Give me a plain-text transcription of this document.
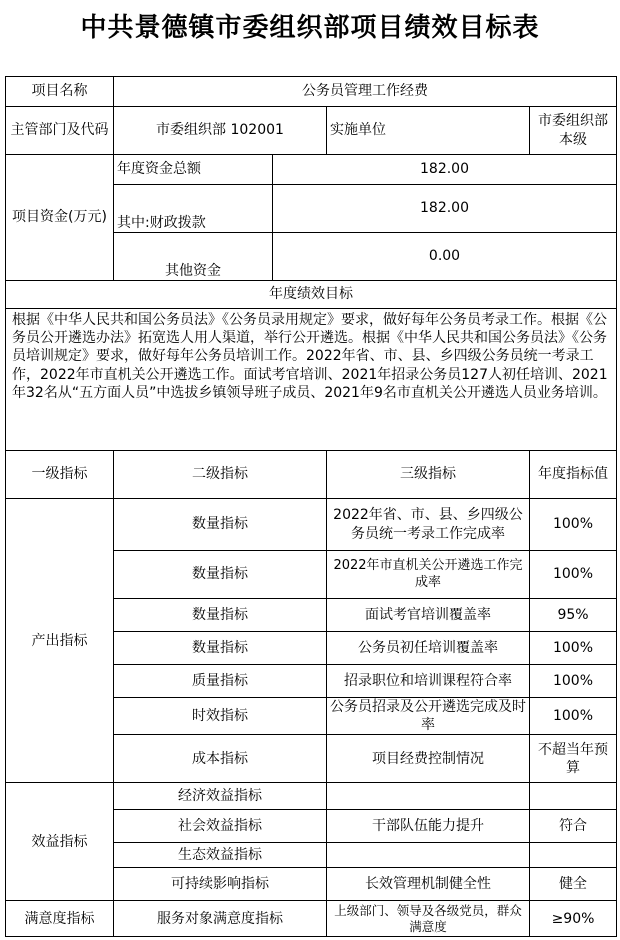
中共景德镇市委组织部项目绩效目标表
项目名称	公务员管理工作经费			
主管部门及代码	市委组织部 102001		实施单位	市委组织部本级
项目资金(万元)	年度资金总额	182.00		
	其中:财政拨款	182.00		
	其他资金	0.00		
年度绩效目标				
根据《中华人民共和国公务员法》《公务员录用规定》要求，做好每年公务员考录工作。根据《公务员公开遴选办法》拓宽选人用人渠道，举行公开遴选。根据《中华人民共和国公务员法》《公务员培训规定》要求，做好每年公务员培训工作。2022年省、市、县、乡四级公务员统一考录工作，2022年市直机关公开遴选工作。面试考官培训、2021年招录公务员127人初任培训、2021年32名从“五方面人员”中选拔乡镇领导班子成员、2021年9名市直机关公开遴选人员业务培训。				
一级指标	二级指标		三级指标	年度指标值
产出指标	数量指标		2022年省、市、县、乡四级公务员统一考录工作完成率	100%
	数量指标		2022年市直机关公开遴选工作完成率	100%
	数量指标		面试考官培训覆盖率	95%
	数量指标		公务员初任培训覆盖率	100%
	质量指标		招录职位和培训课程符合率	100%
	时效指标		公务员招录及公开遴选完成及时率	100%
	成本指标		项目经费控制情况	不超当年预算
效益指标	经济效益指标			
	社会效益指标		干部队伍能力提升	符合
	生态效益指标			
	可持续影响指标		长效管理机制健全性	健全
满意度指标	服务对象满意度指标		上级部门、领导及各级党员，群众满意度	≥90%
